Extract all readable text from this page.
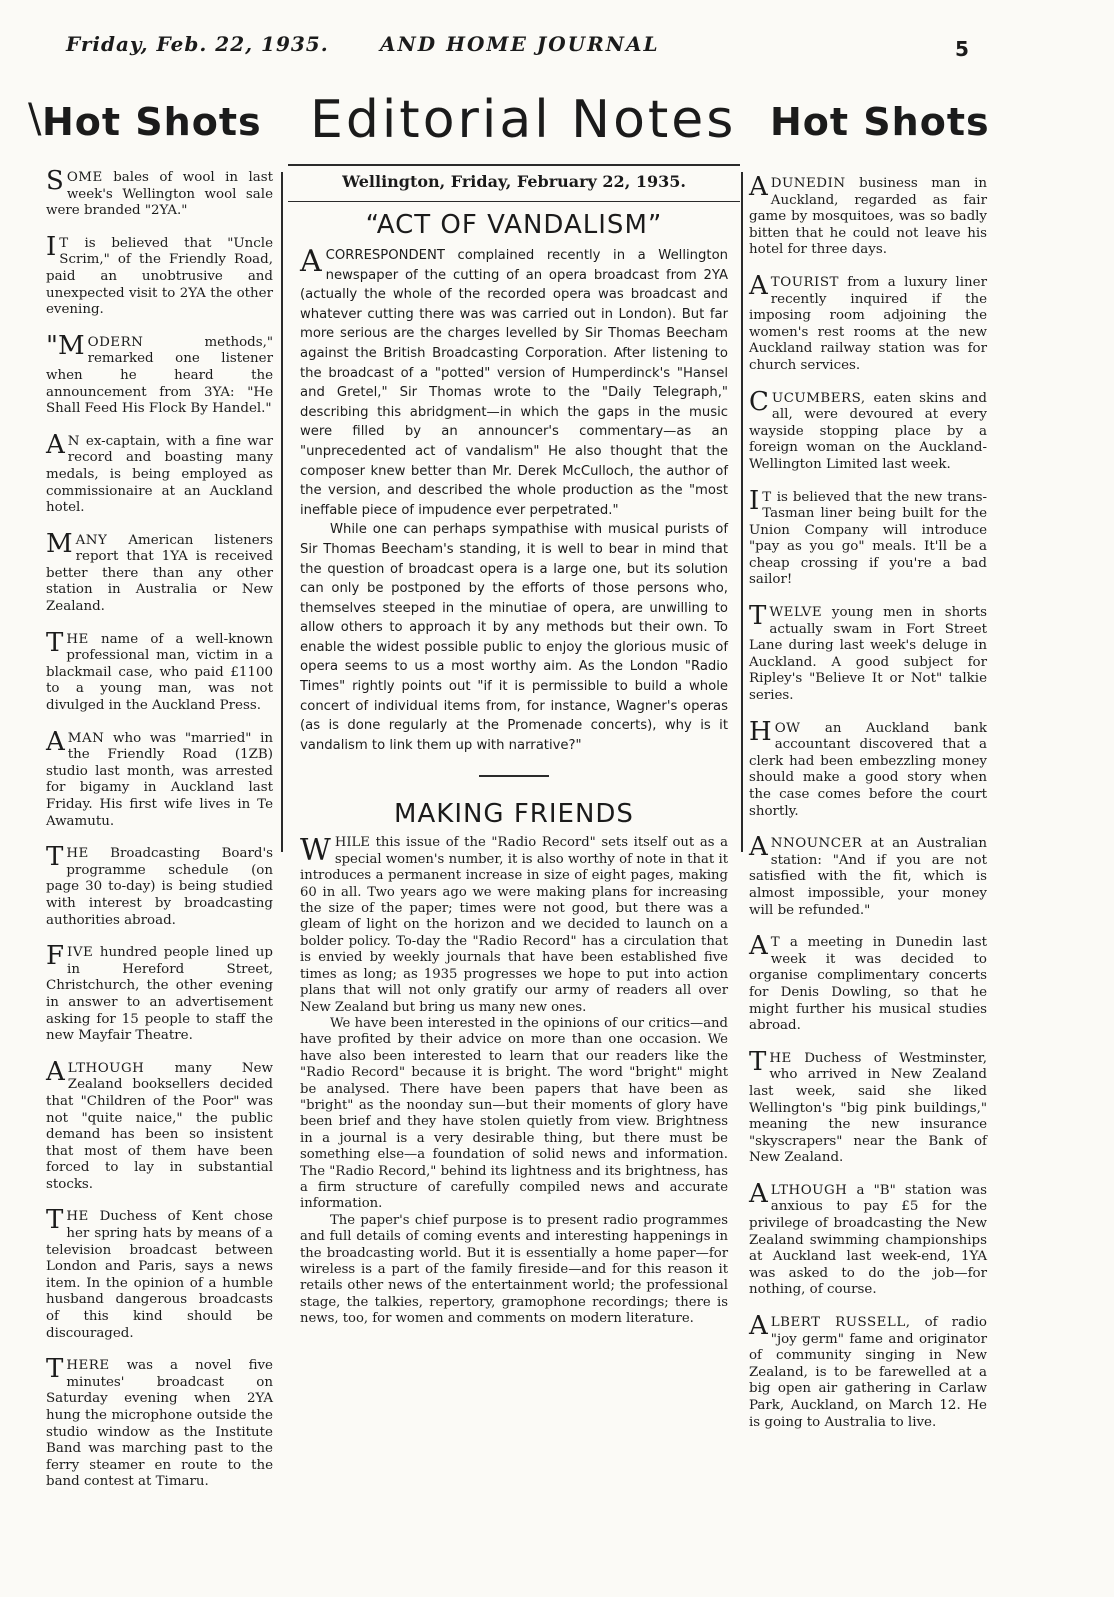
Friday, Feb. 22, 1935.	AND HOME JOURNAL	5
\ Hot Shots Editorial Notes Hot Shots

SOME bales of wool in last week's Wellington wool sale were branded "2YA."

IT is believed that "Uncle Scrim," of the Friendly Road, paid an unobtrusive and unexpected visit to 2YA the other evening.

"MODERN methods," remarked one listener when he heard the announcement from 3YA: "He Shall Feed His Flock By Handel."

AN ex-captain, with a fine war record and boasting many medals, is being employed as commissionaire at an Auckland hotel.

MANY American listeners report that 1YA is received better there than any other station in Australia or New Zealand.

THE name of a well-known professional man, victim in a blackmail case, who paid £1100 to a young man, was not divulged in the Auckland Press.

A MAN who was "married" in the Friendly Road (1ZB) studio last month, was arrested for bigamy in Auckland last Friday. His first wife lives in Te Awamutu.

THE Broadcasting Board's programme schedule (on page 30 to-day) is being studied with interest by broadcasting authorities abroad.

FIVE hundred people lined up in Hereford Street, Christchurch, the other evening in answer to an advertisement asking for 15 people to staff the new Mayfair Theatre.

ALTHOUGH many New Zealand booksellers decided that "Children of the Poor" was not "quite naice," the public demand has been so insistent that most of them have been forced to lay in substantial stocks.

THE Duchess of Kent chose her spring hats by means of a television broadcast between London and Paris, says a news item. In the opinion of a humble husband dangerous broadcasts of this kind should be discouraged.

THERE was a novel five minutes' broadcast on Saturday evening when 2YA hung the microphone outside the studio window as the Institute Band was marching past to the ferry steamer en route to the band contest at Timaru.

Wellington, Friday, February 22, 1935.
“ACT OF VANDALISM”

A CORRESPONDENT complained recently in a Wellington newspaper of the cutting of an opera broadcast from 2YA (actually the whole of the recorded opera was broadcast and whatever cutting there was was carried out in London). But far more serious are the charges levelled by Sir Thomas Beecham against the British Broadcasting Corporation. After listening to the broadcast of a "potted" version of Humperdinck's "Hansel and Gretel," Sir Thomas wrote to the "Daily Telegraph," describing this abridgment—in which the gaps in the music were filled by an announcer's commentary—as an "unprecedented act of vandalism" He also thought that the composer knew better than Mr. Derek McCulloch, the author of the version, and described the whole production as the "most ineffable piece of impudence ever perpetrated."

While one can perhaps sympathise with musical purists of Sir Thomas Beecham's standing, it is well to bear in mind that the question of broadcast opera is a large one, but its solution can only be postponed by the efforts of those persons who, themselves steeped in the minutiae of opera, are unwilling to allow others to approach it by any methods but their own. To enable the widest possible public to enjoy the glorious music of opera seems to us a most worthy aim. As the London "Radio Times" rightly points out "if it is permissible to build a whole concert of individual items from, for instance, Wagner's operas (as is done regularly at the Promenade concerts), why is it vandalism to link them up with narrative?"

MAKING FRIENDS

WHILE this issue of the "Radio Record" sets itself out as a special women's number, it is also worthy of note in that it introduces a permanent increase in size of eight pages, making 60 in all. Two years ago we were making plans for increasing the size of the paper; times were not good, but there was a gleam of light on the horizon and we decided to launch on a bolder policy. To-day the "Radio Record" has a circulation that is envied by weekly journals that have been established five times as long; as 1935 progresses we hope to put into action plans that will not only gratify our army of readers all over New Zealand but bring us many new ones.

We have been interested in the opinions of our critics—and have profited by their advice on more than one occasion. We have also been interested to learn that our readers like the "Radio Record" because it is bright. The word "bright" might be analysed. There have been papers that have been as "bright" as the noonday sun—but their moments of glory have been brief and they have stolen quietly from view. Brightness in a journal is a very desirable thing, but there must be something else—a foundation of solid news and information. The "Radio Record," behind its lightness and its brightness, has a firm structure of carefully compiled news and accurate information.

The paper's chief purpose is to present radio programmes and full details of coming events and interesting happenings in the broadcasting world. But it is essentially a home paper—for wireless is a part of the family fireside—and for this reason it retails other news of the entertainment world; the professional stage, the talkies, repertory, gramophone recordings; there is news, too, for women and comments on modern literature.

A DUNEDIN business man in Auckland, regarded as fair game by mosquitoes, was so badly bitten that he could not leave his hotel for three days.

A TOURIST from a luxury liner recently inquired if the imposing room adjoining the women's rest rooms at the new Auckland railway station was for church services.

CUCUMBERS, eaten skins and all, were devoured at every wayside stopping place by a foreign woman on the Auckland-Wellington Limited last week.

IT is believed that the new trans-Tasman liner being built for the Union Company will introduce "pay as you go" meals. It'll be a cheap crossing if you're a bad sailor!

TWELVE young men in shorts actually swam in Fort Street Lane during last week's deluge in Auckland. A good subject for Ripley's "Believe It or Not" talkie series.

HOW an Auckland bank accountant discovered that a clerk had been embezzling money should make a good story when the case comes before the court shortly.

ANNOUNCER at an Australian station: "And if you are not satisfied with the fit, which is almost impossible, your money will be refunded."

AT a meeting in Dunedin last week it was decided to organise complimentary concerts for Denis Dowling, so that he might further his musical studies abroad.

THE Duchess of Westminster, who arrived in New Zealand last week, said she liked Wellington's "big pink buildings," meaning the new insurance "skyscrapers" near the Bank of New Zealand.

ALTHOUGH a "B" station was anxious to pay £5 for the privilege of broadcasting the New Zealand swimming championships at Auckland last week-end, 1YA was asked to do the job—for nothing, of course.

ALBERT RUSSELL, of radio "joy germ" fame and originator of community singing in New Zealand, is to be farewelled at a big open air gathering in Carlaw Park, Auckland, on March 12. He is going to Australia to live.
